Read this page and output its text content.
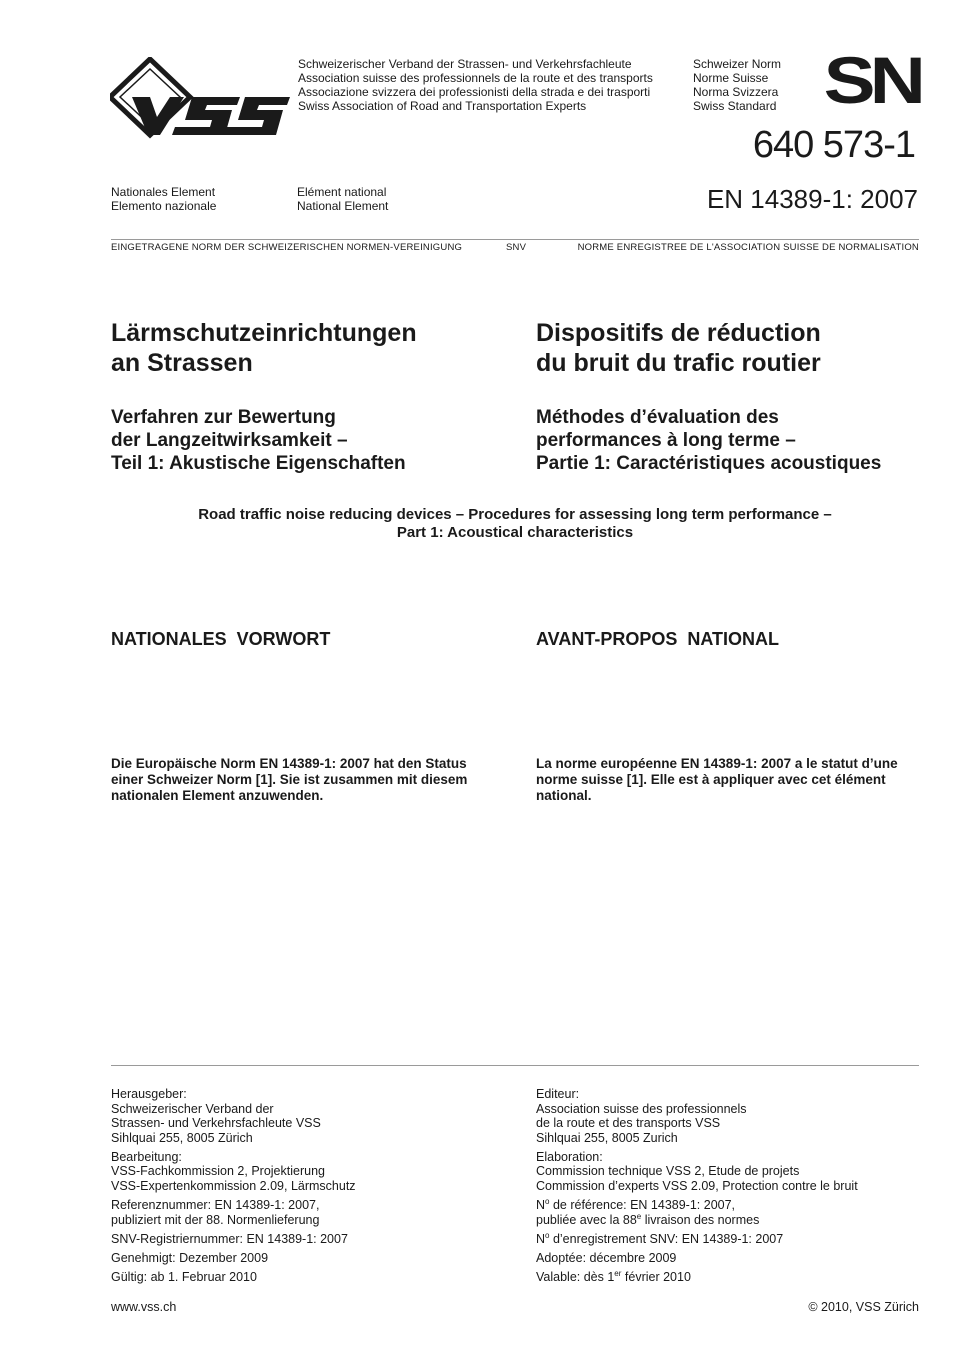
Schweizerischer Verband der Strassen- und Verkehrsfachleute
Association suisse des professionnels de la route et des transports
Associazione svizzera dei professionisti della strada e dei trasporti
Swiss Association of Road and Transportation Experts
Schweizer Norm
Norme Suisse
Norma Svizzera
Swiss Standard SN
640 573-1
EN 14389-1: 2007
Nationales Element
Elemento nazionale
Elément national
National Element
EINGETRAGENE NORM DER SCHWEIZERISCHEN NORMEN-VEREINIGUNG	SNV	NORME ENREGISTREE DE L'ASSOCIATION SUISSE DE NORMALISATION
Lärmschutzeinrichtungen
an Strassen
Dispositifs de réduction
du bruit du trafic routier
Verfahren zur Bewertung
der Langzeitwirksamkeit –
Teil 1: Akustische Eigenschaften
Méthodes d’évaluation des
performances à long terme –
Partie 1: Caractéristiques acoustiques
Road traffic noise reducing devices – Procedures for assessing long term performance –
Part 1: Acoustical characteristics
NATIONALES  VORWORT	AVANT-PROPOS  NATIONAL
Die Europäische Norm EN 14389-1: 2007 hat den Status
einer Schweizer Norm [1]. Sie ist zusammen mit diesem
nationalen Element anzuwenden.
La norme européenne EN 14389-1: 2007 a le statut d’une
norme suisse [1]. Elle est à appliquer avec cet élément
national.
Herausgeber:
Schweizerischer Verband der
Strassen- und Verkehrsfachleute VSS
Sihlquai 255, 8005 Zürich
Bearbeitung:
VSS-Fachkommission 2, Projektierung
VSS-Expertenkommission 2.09, Lärmschutz
Referenznummer: EN 14389-1: 2007,
publiziert mit der 88. Normenlieferung
SNV-Registriernummer: EN 14389-1: 2007
Genehmigt: Dezember 2009
Gültig: ab 1. Februar 2010
Editeur:
Association suisse des professionnels
de la route et des transports VSS
Sihlquai 255, 8005 Zurich
Elaboration:
Commission technique VSS 2, Etude de projets
Commission d’experts VSS 2.09, Protection contre le bruit
$N^o$ de référence: EN 14389-1: 2007,
publiée avec la 88e livraison des normes
$N^o$ d’enregistrement SNV: EN 14389-1: 2007
Adoptée: décembre 2009
Valable: dès 1er février 2010
www.vss.ch	© 2010, VSS Zürich
